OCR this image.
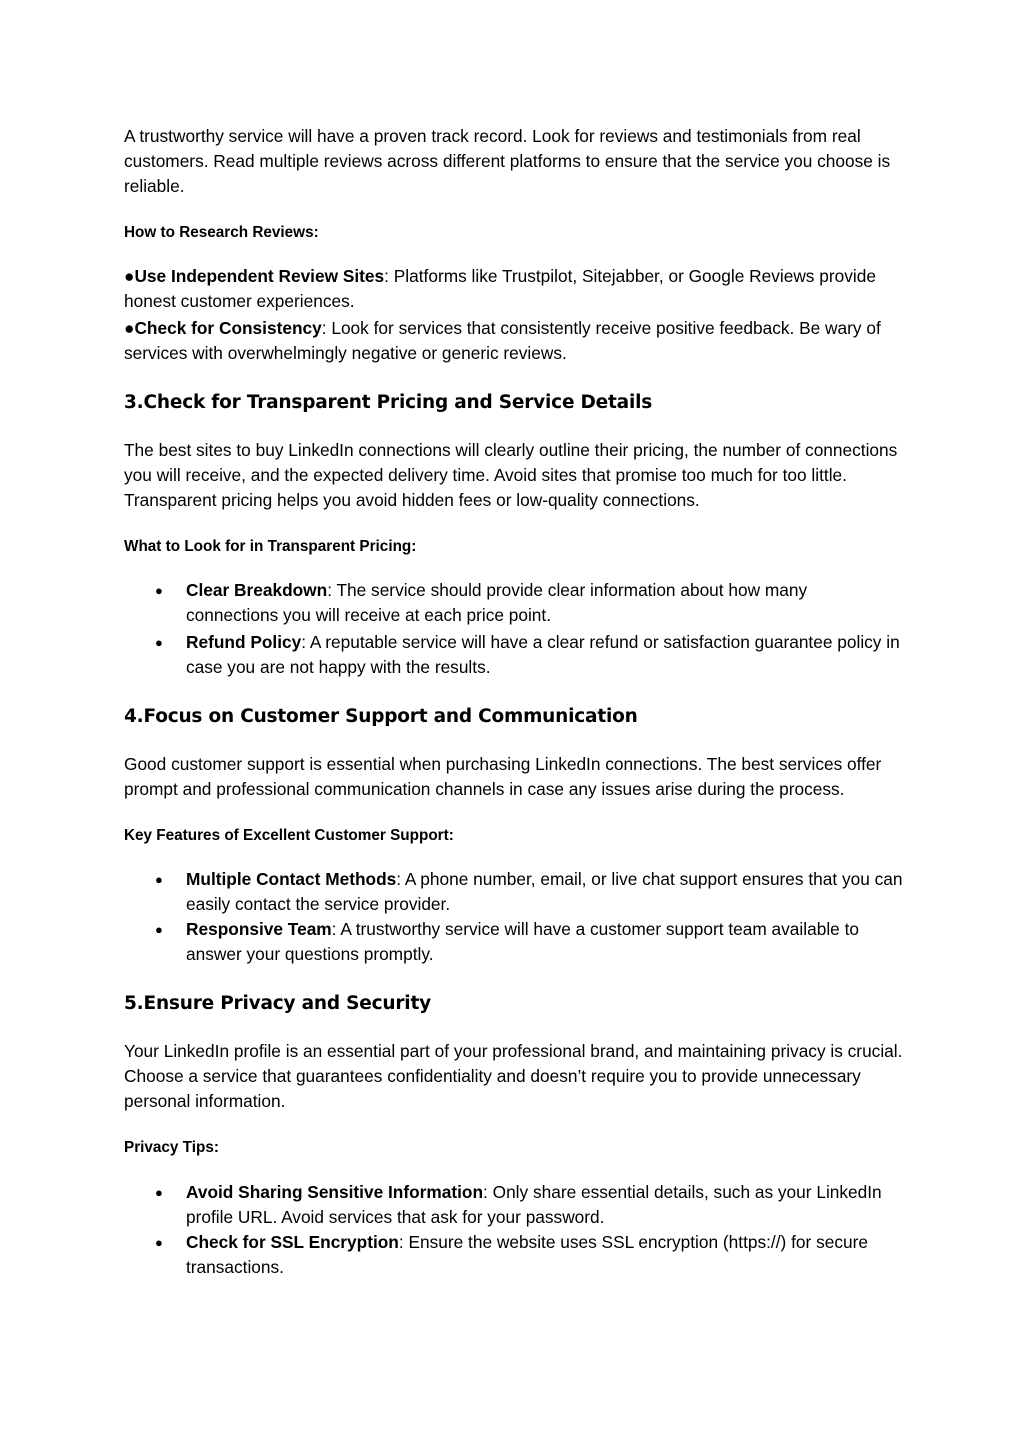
A trustworthy service will have a proven track record. Look for reviews and testimonials from real customers. Read multiple reviews across different platforms to ensure that the service you choose is reliable.

How to Research Reviews:

●Use Independent Review Sites: Platforms like Trustpilot, Sitejabber, or Google Reviews provide honest customer experiences.

●Check for Consistency: Look for services that consistently receive positive feedback. Be wary of services with overwhelmingly negative or generic reviews.

3.Check for Transparent Pricing and Service Details

The best sites to buy LinkedIn connections will clearly outline their pricing, the number of connections you will receive, and the expected delivery time. Avoid sites that promise too much for too little. Transparent pricing helps you avoid hidden fees or low-quality connections.

What to Look for in Transparent Pricing:

● Clear Breakdown: The service should provide clear information about how many connections you will receive at each price point.
● Refund Policy: A reputable service will have a clear refund or satisfaction guarantee policy in case you are not happy with the results.
4.Focus on Customer Support and Communication

Good customer support is essential when purchasing LinkedIn connections. The best services offer prompt and professional communication channels in case any issues arise during the process.

Key Features of Excellent Customer Support:

● Multiple Contact Methods: A phone number, email, or live chat support ensures that you can easily contact the service provider.
● Responsive Team: A trustworthy service will have a customer support team available to answer your questions promptly.
5.Ensure Privacy and Security

Your LinkedIn profile is an essential part of your professional brand, and maintaining privacy is crucial. Choose a service that guarantees confidentiality and doesn’t require you to provide unnecessary personal information.

Privacy Tips:

● Avoid Sharing Sensitive Information: Only share essential details, such as your LinkedIn profile URL. Avoid services that ask for your password.
● Check for SSL Encryption: Ensure the website uses SSL encryption (https://) for secure transactions.
